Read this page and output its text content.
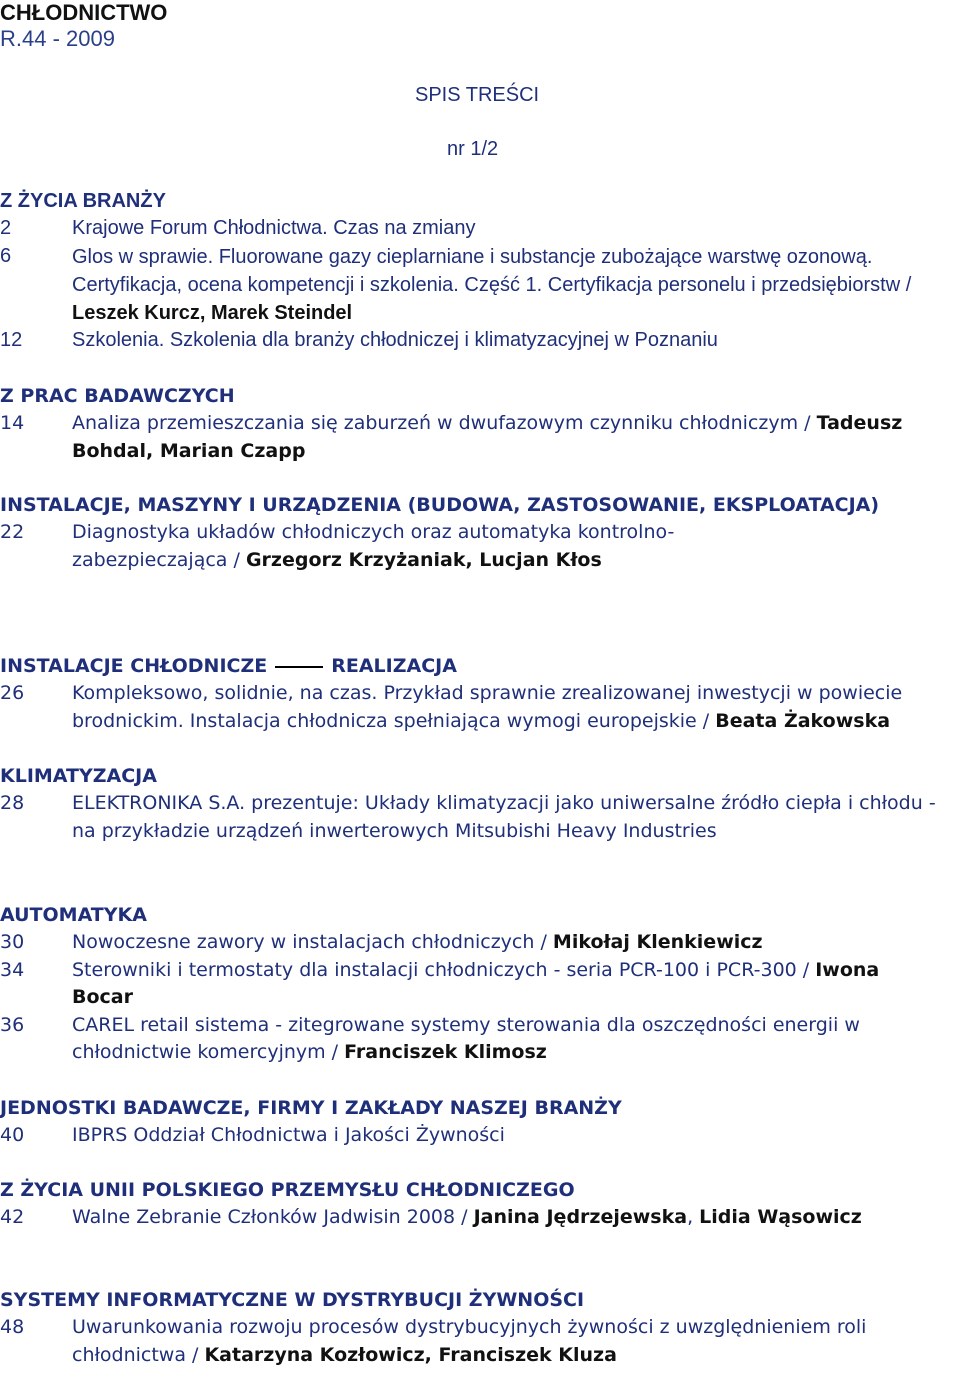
CHŁODNICTWO
R.44 - 2009
SPIS TREŚCI
nr 1/2
Z ŻYCIA BRANŻY
2	Krajowe Forum Chłodnictwa. Czas na zmiany
6	Glos w sprawie. Fluorowane gazy cieplarniane i substancje zubożające warstwę ozonową. Certyfikacja, ocena kompetencji i szkolenia. Część 1. Certyfikacja personelu i przedsiębiorstw / Leszek Kurcz, Marek Steindel
12	Szkolenia. Szkolenia dla branży chłodniczej i klimatyzacyjnej w Poznaniu
Z PRAC BADAWCZYCH
14	Analiza przemieszczania się zaburzeń w dwufazowym czynniku chłodniczym / Tadeusz Bohdal, Marian Czapp
INSTALACJE, MASZYNY I URZĄDZENIA (BUDOWA, ZASTOSOWANIE, EKSPLOATACJA)
22	Diagnostyka układów chłodniczych oraz automatyka kontrolno-zabezpieczająca / Grzegorz Krzyżaniak, Lucjan Kłos

INSTALACJE CHŁODNICZE	REALIZACJA

26	Kompleksowo, solidnie, na czas. Przykład sprawnie zrealizowanej inwestycji w powiecie brodnickim. Instalacja chłodnicza spełniająca wymogi europejskie / Beata Żakowska
KLIMATYZACJA
28	ELEKTRONIKA S.A. prezentuje: Układy klimatyzacji jako uniwersalne źródło ciepła i chłodu - na przykładzie urządzeń inwerterowych Mitsubishi Heavy Industries
AUTOMATYKA
30	Nowoczesne zawory w instalacjach chłodniczych / Mikołaj Klenkiewicz
34	Sterowniki i termostaty dla instalacji chłodniczych - seria PCR-100 i PCR-300 / Iwona Bocar
36	CAREL retail sistema - zitegrowane systemy sterowania dla oszczędności energii w chłodnictwie komercyjnym / Franciszek Klimosz
JEDNOSTKI BADAWCZE, FIRMY I ZAKŁADY NASZEJ BRANŻY
40	IBPRS Oddział Chłodnictwa i Jakości Żywności
Z ŻYCIA UNII POLSKIEGO PRZEMYSŁU CHŁODNICZEGO
42	Walne Zebranie Członków Jadwisin 2008 / Janina Jędrzejewska, Lidia Wąsowicz
SYSTEMY INFORMATYCZNE W DYSTRYBUCJI ŻYWNOŚCI
48	Uwarunkowania rozwoju procesów dystrybucyjnych żywności z uwzględnieniem roli chłodnictwa / Katarzyna Kozłowicz, Franciszek Kluza
